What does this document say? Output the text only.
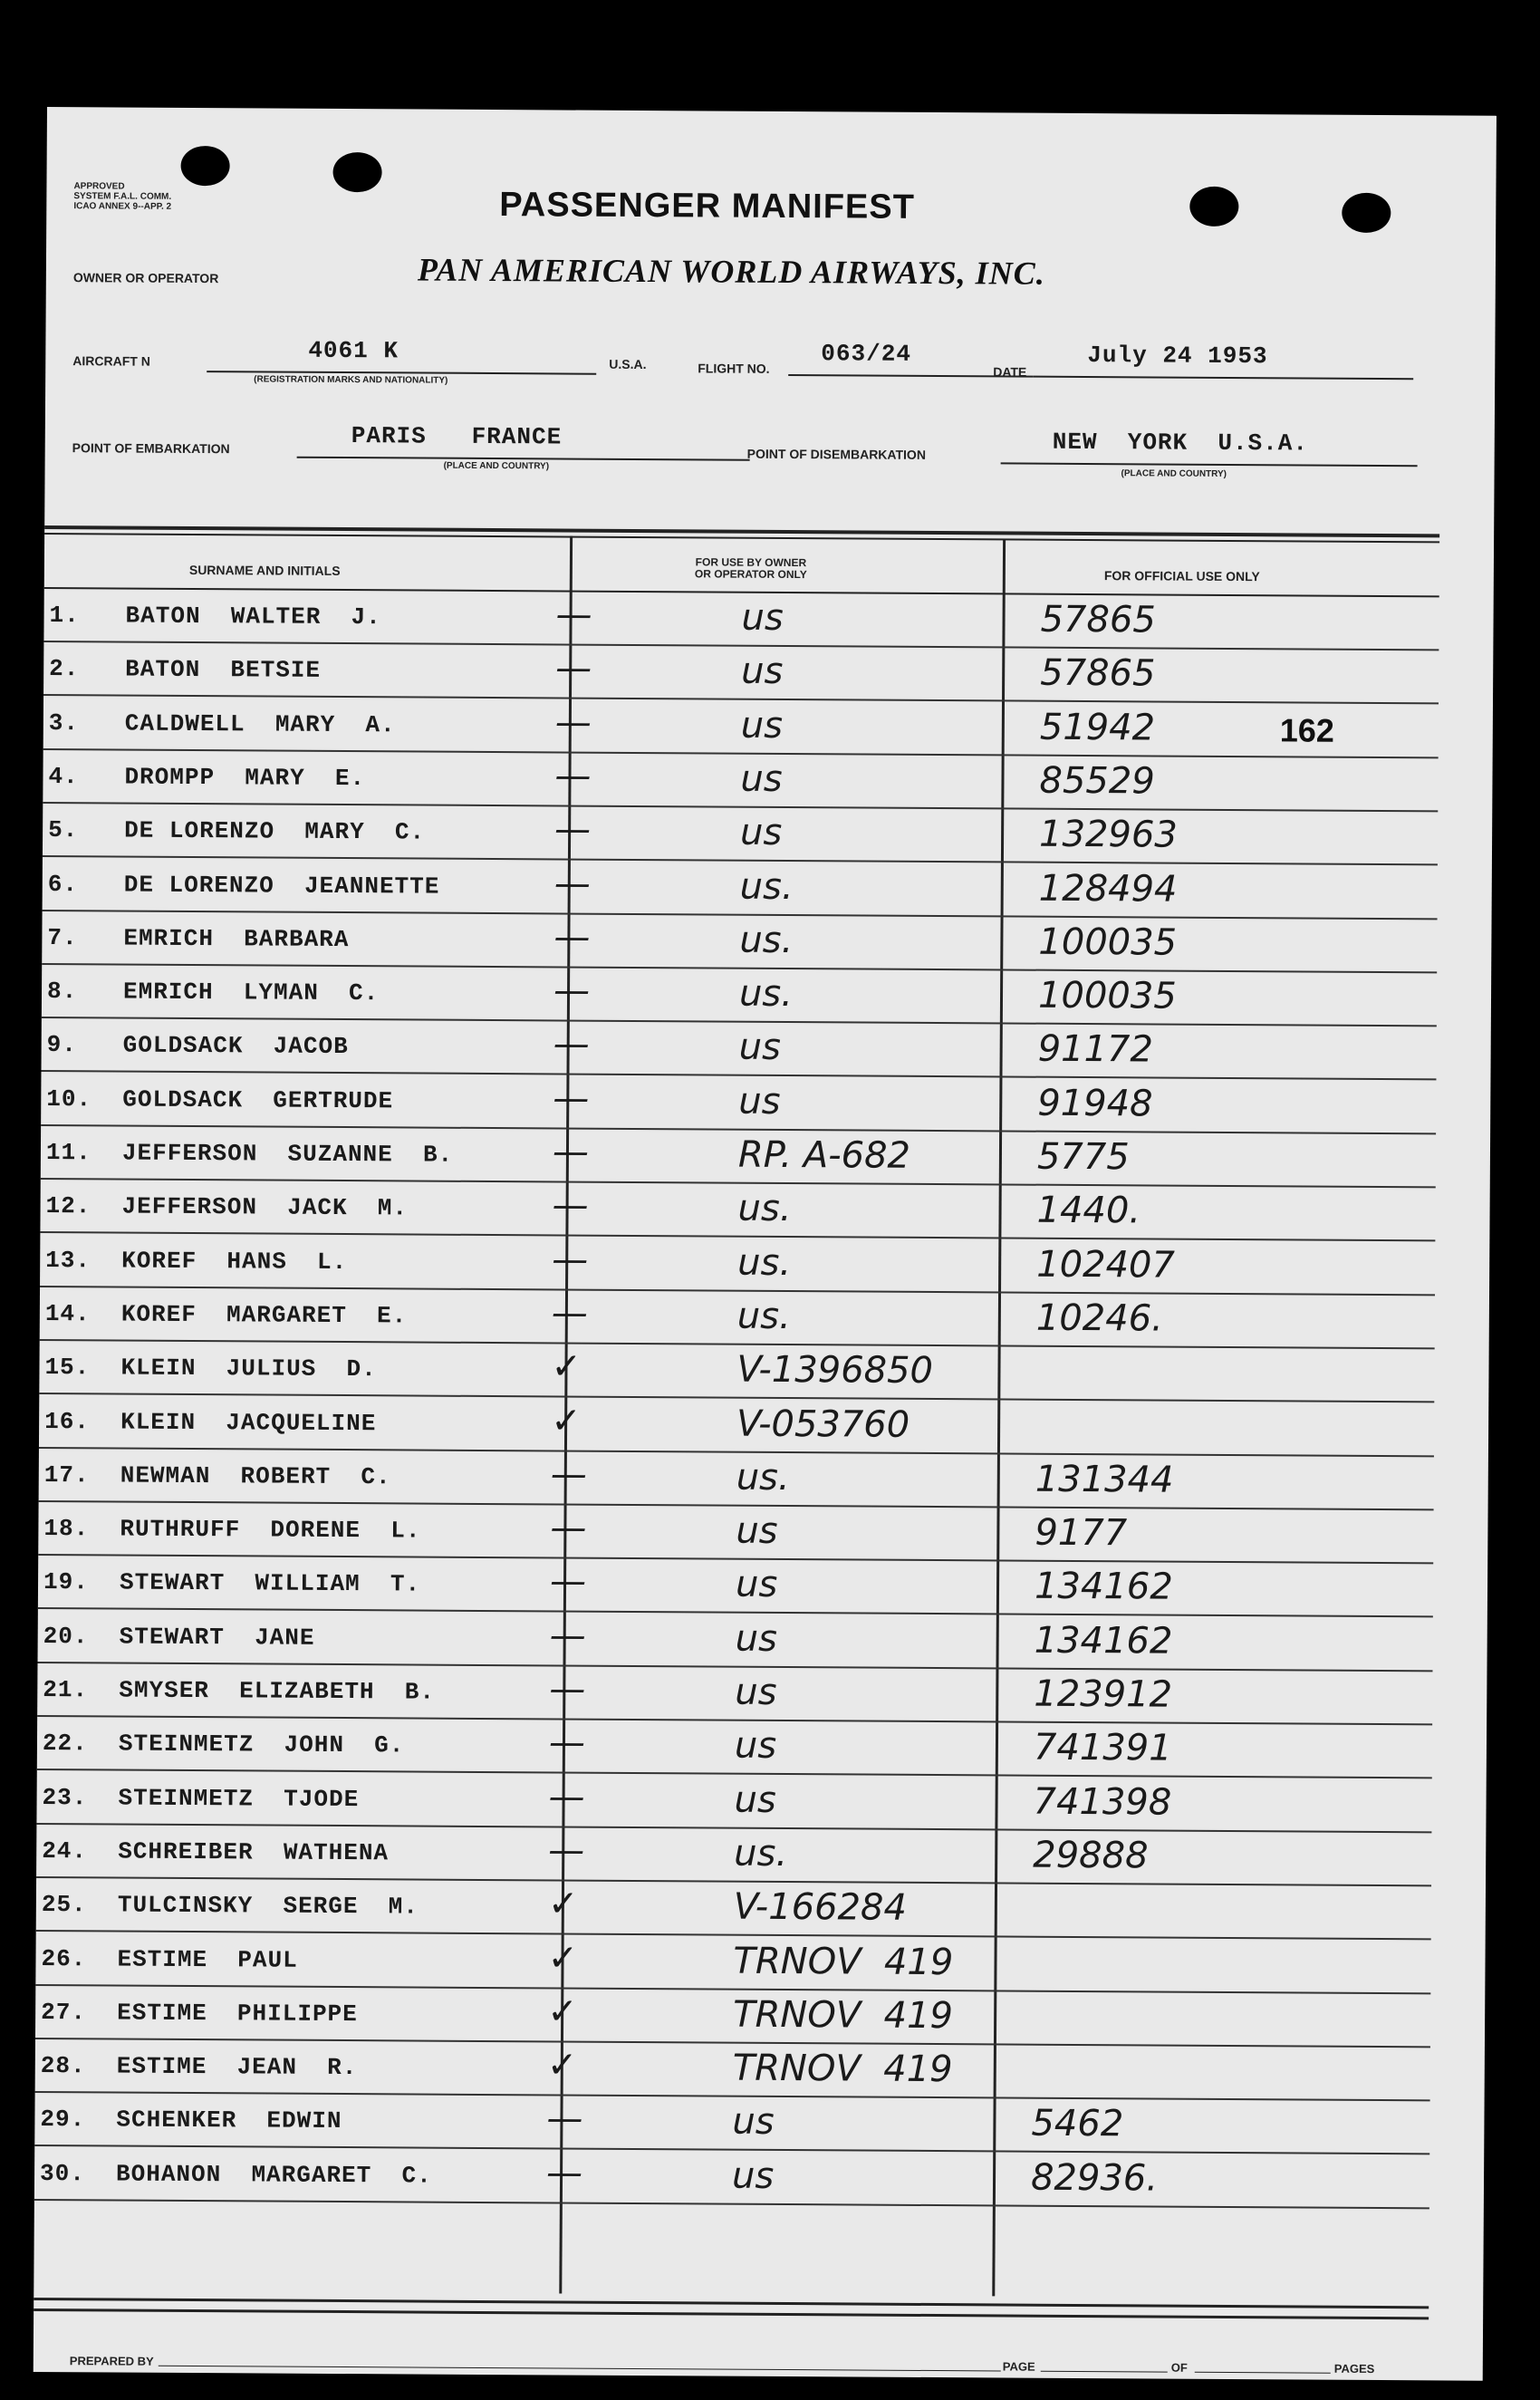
APPROVED
SYSTEM F.A.L. COMM.
ICAO ANNEX 9--APP. 2	PASSENGER MANIFEST
OWNER OR OPERATOR	PAN AMERICAN WORLD AIRWAYS, INC.
AIRCRAFT N	4061 K
(REGISTRATION MARKS AND NATIONALITY)
U.S.A.	FLIGHT NO.
063/24
DATE
July 24 1953
POINT OF EMBARKATION	PARIS   FRANCE
(PLACE AND COUNTRY)
POINT OF DISEMBARKATION	NEW  YORK  U.S.A.
(PLACE AND COUNTRY)
SURNAME AND INITIALS
FOR USE BY OWNER
OR OPERATOR ONLY	FOR OFFICIAL USE ONLY
1. BATON  WALTER  J.	—	us	57865
2. BATON  BETSIE	—	us	57865
3. CALDWELL  MARY  A.	—	us	51942	162
4. DROMPP  MARY  E.	—	us	85529
5. DE LORENZO  MARY  C.	—	us	132963
6. DE LORENZO  JEANNETTE	—	us.	128494
7. EMRICH  BARBARA	—	us.	100035
8. EMRICH  LYMAN  C.	—	us.	100035
9. GOLDSACK  JACOB	—	us	91172
10. GOLDSACK  GERTRUDE	—	us	91948
11. JEFFERSON  SUZANNE  B.	—	RP. A-682	5775
12. JEFFERSON  JACK  M.	—	us.	1440.
13. KOREF  HANS  L.	—	us.	102407
14. KOREF  MARGARET  E.	—	us.	10246.
15. KLEIN  JULIUS  D.	✓	V-1396850
16. KLEIN  JACQUELINE	✓	V-053760
17. NEWMAN  ROBERT  C.	—	us.	131344
18. RUTHRUFF  DORENE  L.	—	us	9177
19. STEWART  WILLIAM  T.	—	us	134162
20. STEWART  JANE	—	us	134162
21. SMYSER  ELIZABETH  B.	—	us	123912
22. STEINMETZ  JOHN  G.	—	us	741391
23. STEINMETZ  TJODE	—	us	741398
24. SCHREIBER  WATHENA	—	us.	29888
25. TULCINSKY  SERGE  M.	✓	V-166284
26. ESTIME  PAUL	✓	TRNOV  419
27. ESTIME  PHILIPPE	✓	TRNOV  419
28. ESTIME  JEAN  R.	✓	TRNOV  419
29. SCHENKER  EDWIN	—	us	5462
30. BOHANON  MARGARET  C.	—	us	82936.
PREPARED BY	PAGE	OF	PAGES
